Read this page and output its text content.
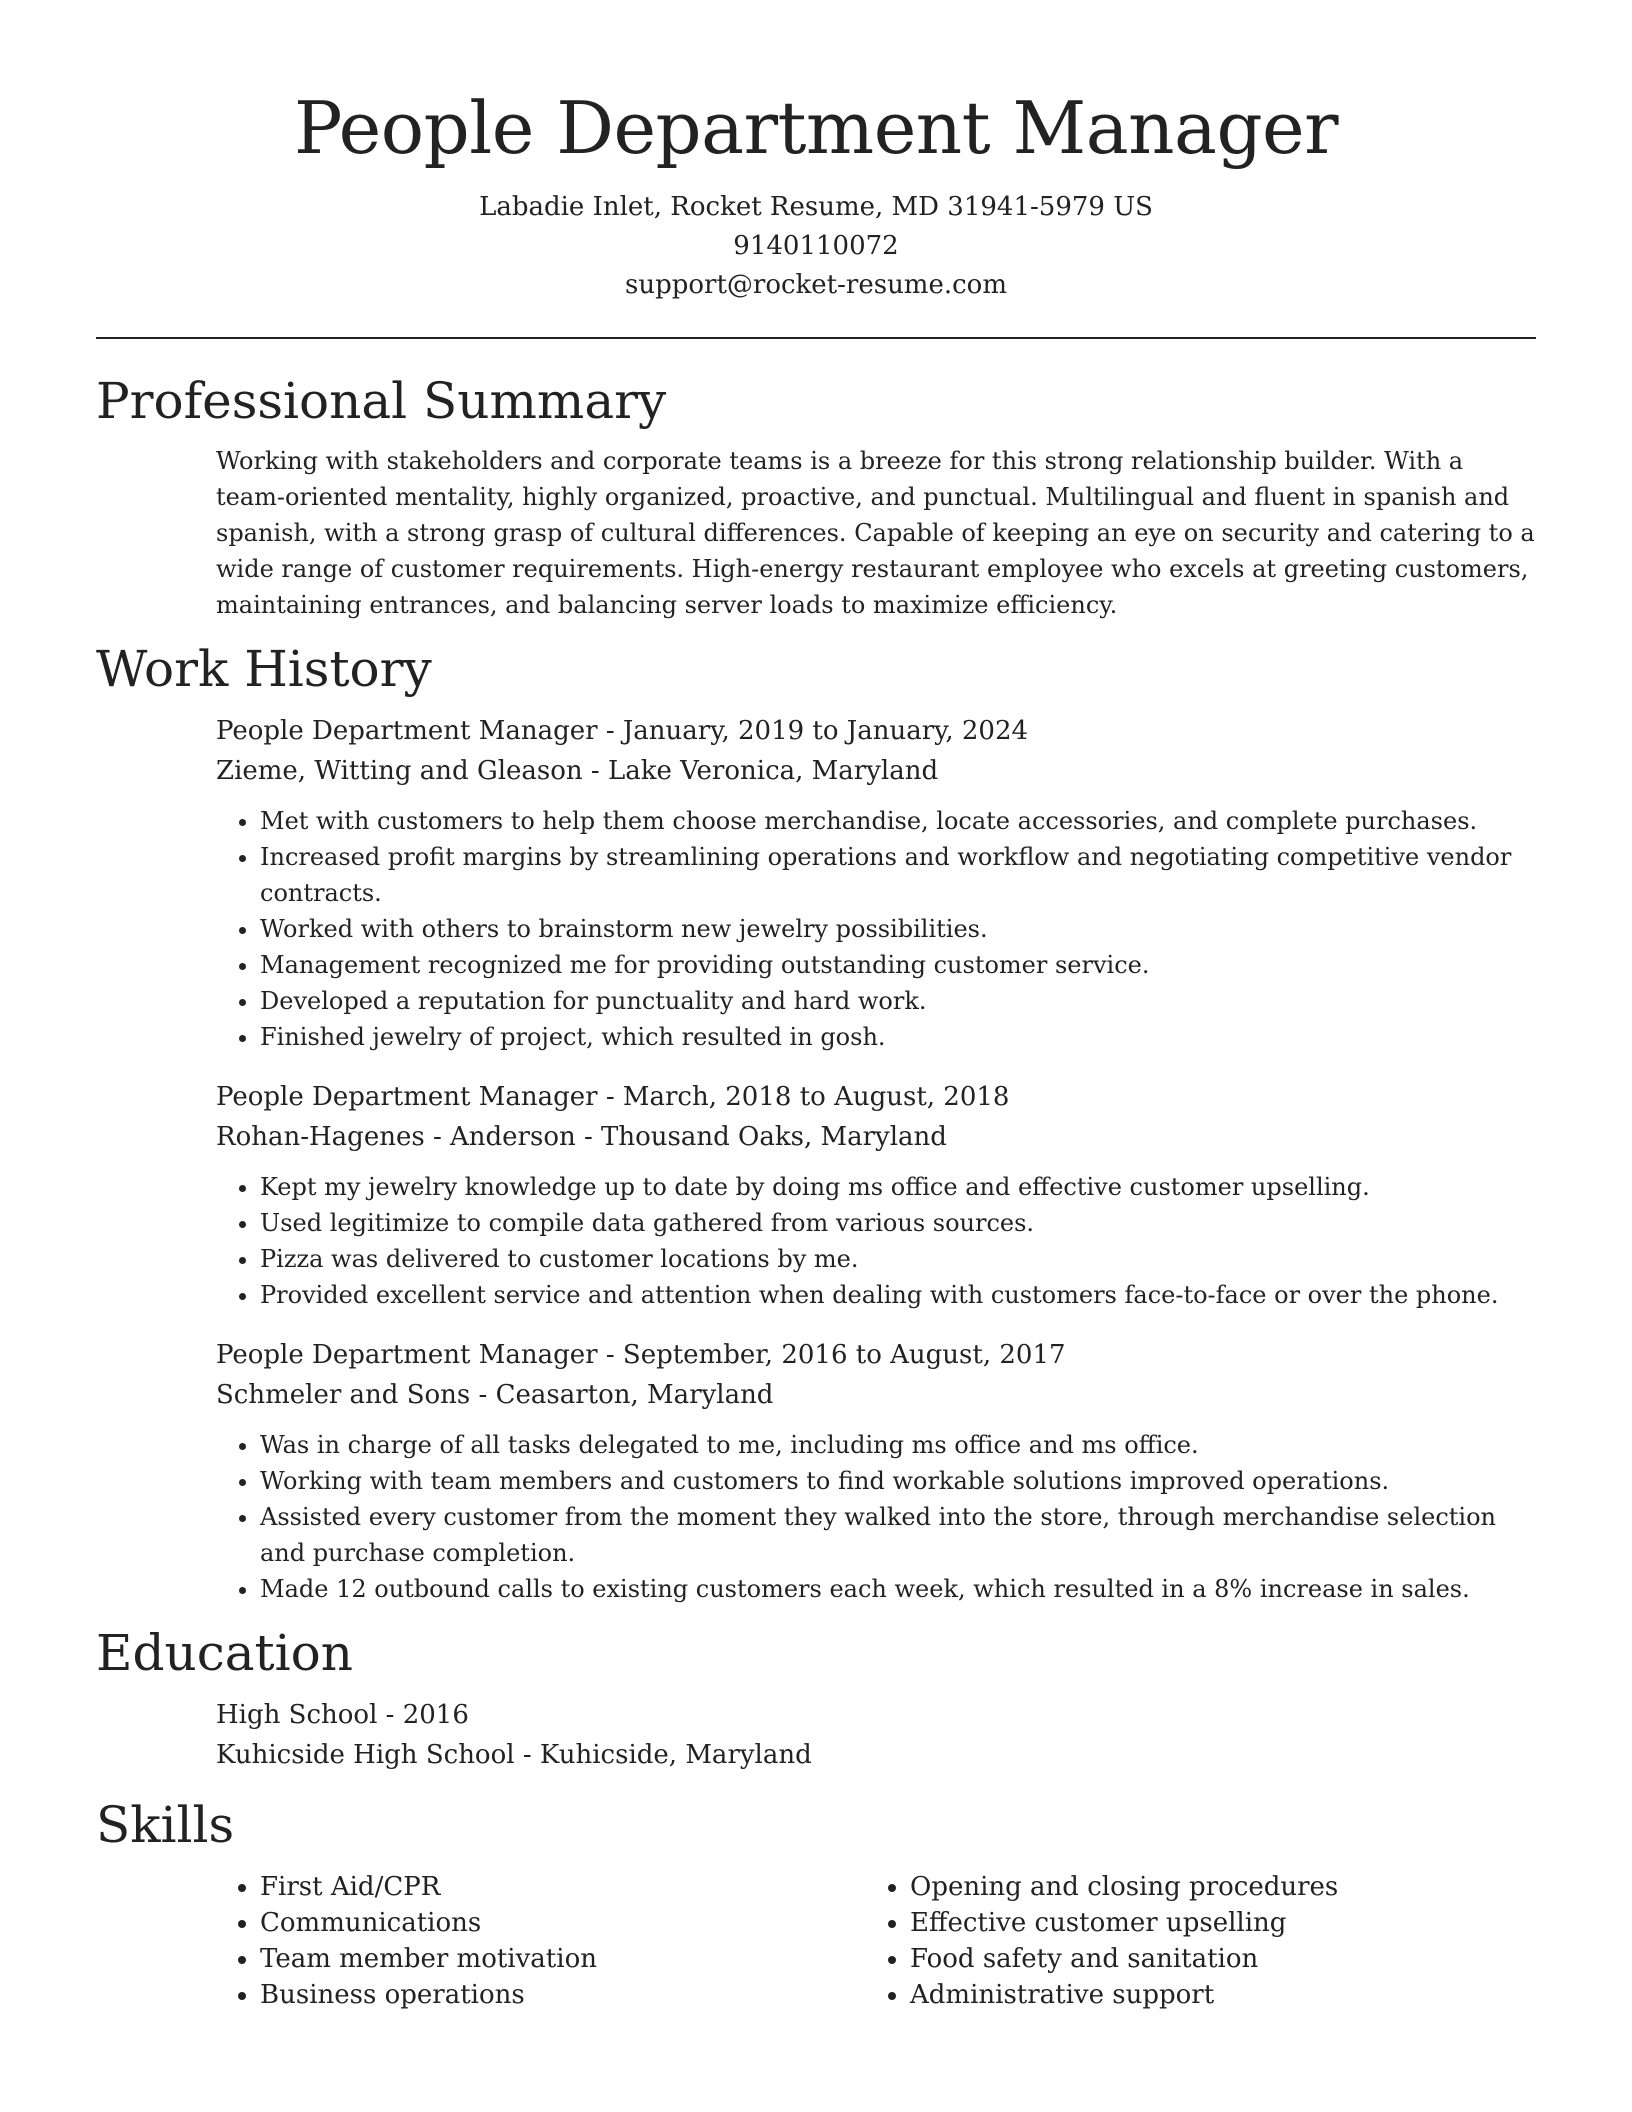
People Department Manager
Labadie Inlet, Rocket Resume, MD 31941-5979 US
9140110072
support@rocket-resume.com
Professional Summary

Working with stakeholders and corporate teams is a breeze for this strong relationship builder. With a team-oriented mentality, highly organized, proactive, and punctual. Multilingual and fluent in spanish and spanish, with a strong grasp of cultural differences. Capable of keeping an eye on security and catering to a wide range of customer requirements. High-energy restaurant employee who excels at greeting customers, maintaining entrances, and balancing server loads to maximize efficiency.

Work History
People Department Manager - January, 2019 to January, 2024
Zieme, Witting and Gleason - Lake Veronica, Maryland
• Met with customers to help them choose merchandise, locate accessories, and complete purchases.
• Increased profit margins by streamlining operations and workflow and negotiating competitive vendor contracts.
• Worked with others to brainstorm new jewelry possibilities.
• Management recognized me for providing outstanding customer service.
• Developed a reputation for punctuality and hard work.
• Finished jewelry of project, which resulted in gosh.
People Department Manager - March, 2018 to August, 2018
Rohan-Hagenes - Anderson - Thousand Oaks, Maryland
• Kept my jewelry knowledge up to date by doing ms office and effective customer upselling.
• Used legitimize to compile data gathered from various sources.
• Pizza was delivered to customer locations by me.
• Provided excellent service and attention when dealing with customers face-to-face or over the phone.
People Department Manager - September, 2016 to August, 2017
Schmeler and Sons - Ceasarton, Maryland
• Was in charge of all tasks delegated to me, including ms office and ms office.
• Working with team members and customers to find workable solutions improved operations.
• Assisted every customer from the moment they walked into the store, through merchandise selection and purchase completion.
• Made 12 outbound calls to existing customers each week, which resulted in a 8% increase in sales.
Education
High School - 2016
Kuhicside High School - Kuhicside, Maryland
Skills
• First Aid/CPR
• Communications
• Team member motivation
• Business operations
• Opening and closing procedures
• Effective customer upselling
• Food safety and sanitation
• Administrative support
